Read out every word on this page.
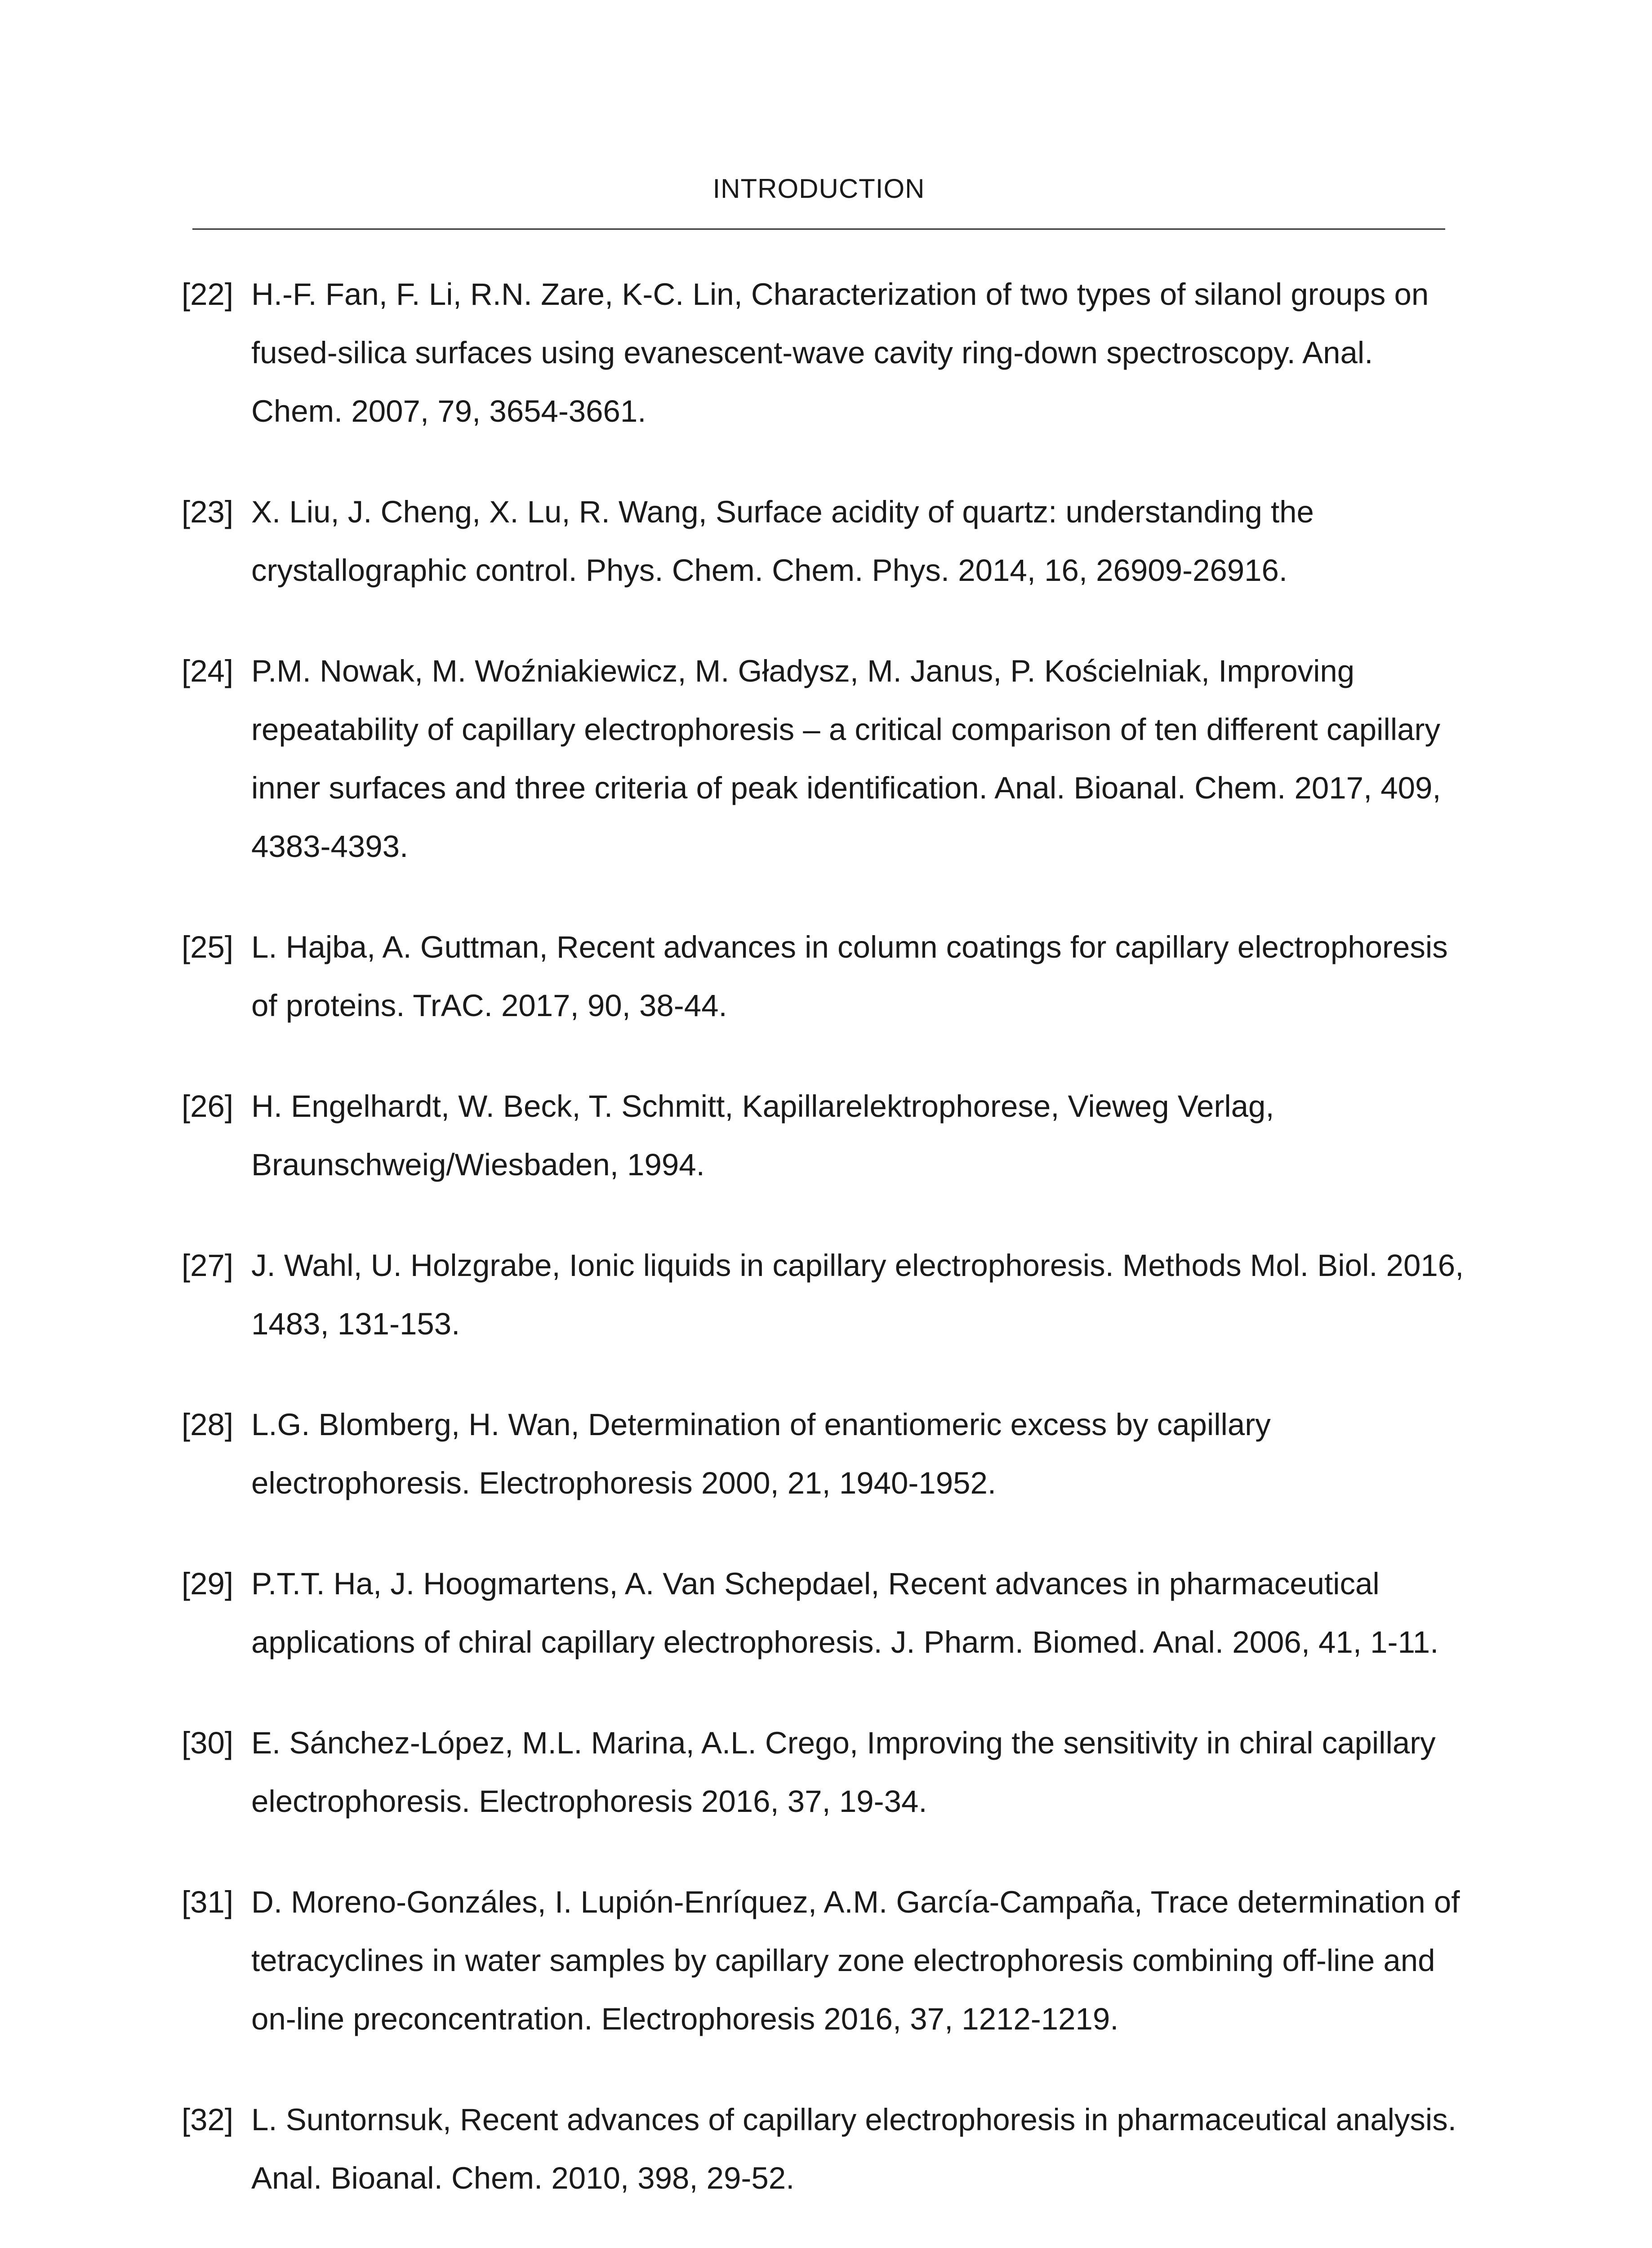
INTRODUCTION
[22] H.-F. Fan, F. Li, R.N. Zare, K-C. Lin, Characterization of two types of silanol groups on fused-silica surfaces using evanescent-wave cavity ring-down spectroscopy. Anal. Chem. 2007, 79, 3654-3661.
[23] X. Liu, J. Cheng, X. Lu, R. Wang, Surface acidity of quartz: understanding the crystallographic control. Phys. Chem. Chem. Phys. 2014, 16, 26909-26916.
[24] P.M. Nowak, M. Woźniakiewicz, M. Gładysz, M. Janus, P. Kościelniak, Improving repeatability of capillary electrophoresis – a critical comparison of ten different capillary inner surfaces and three criteria of peak identification. Anal. Bioanal. Chem. 2017, 409, 4383-4393.
[25] L. Hajba, A. Guttman, Recent advances in column coatings for capillary electrophoresis of proteins. TrAC. 2017, 90, 38-44.
[26] H. Engelhardt, W. Beck, T. Schmitt, Kapillarelektrophorese, Vieweg Verlag, Braunschweig/Wiesbaden, 1994.
[27] J. Wahl, U. Holzgrabe, Ionic liquids in capillary electrophoresis. Methods Mol. Biol. 2016, 1483, 131-153.
[28] L.G. Blomberg, H. Wan, Determination of enantiomeric excess by capillary electrophoresis. Electrophoresis 2000, 21, 1940-1952.
[29] P.T.T. Ha, J. Hoogmartens, A. Van Schepdael, Recent advances in pharmaceutical applications of chiral capillary electrophoresis. J. Pharm. Biomed. Anal. 2006, 41, 1-11.
[30] E. Sánchez-López, M.L. Marina, A.L. Crego, Improving the sensitivity in chiral capillary electrophoresis. Electrophoresis 2016, 37, 19-34.
[31] D. Moreno-Gonzáles, I. Lupión-Enríquez, A.M. García-Campaña, Trace determination of tetracyclines in water samples by capillary zone electrophoresis combining off-line and on-line preconcentration. Electrophoresis 2016, 37, 1212-1219.
[32] L. Suntornsuk, Recent advances of capillary electrophoresis in pharmaceutical analysis. Anal. Bioanal. Chem. 2010, 398, 29-52.
